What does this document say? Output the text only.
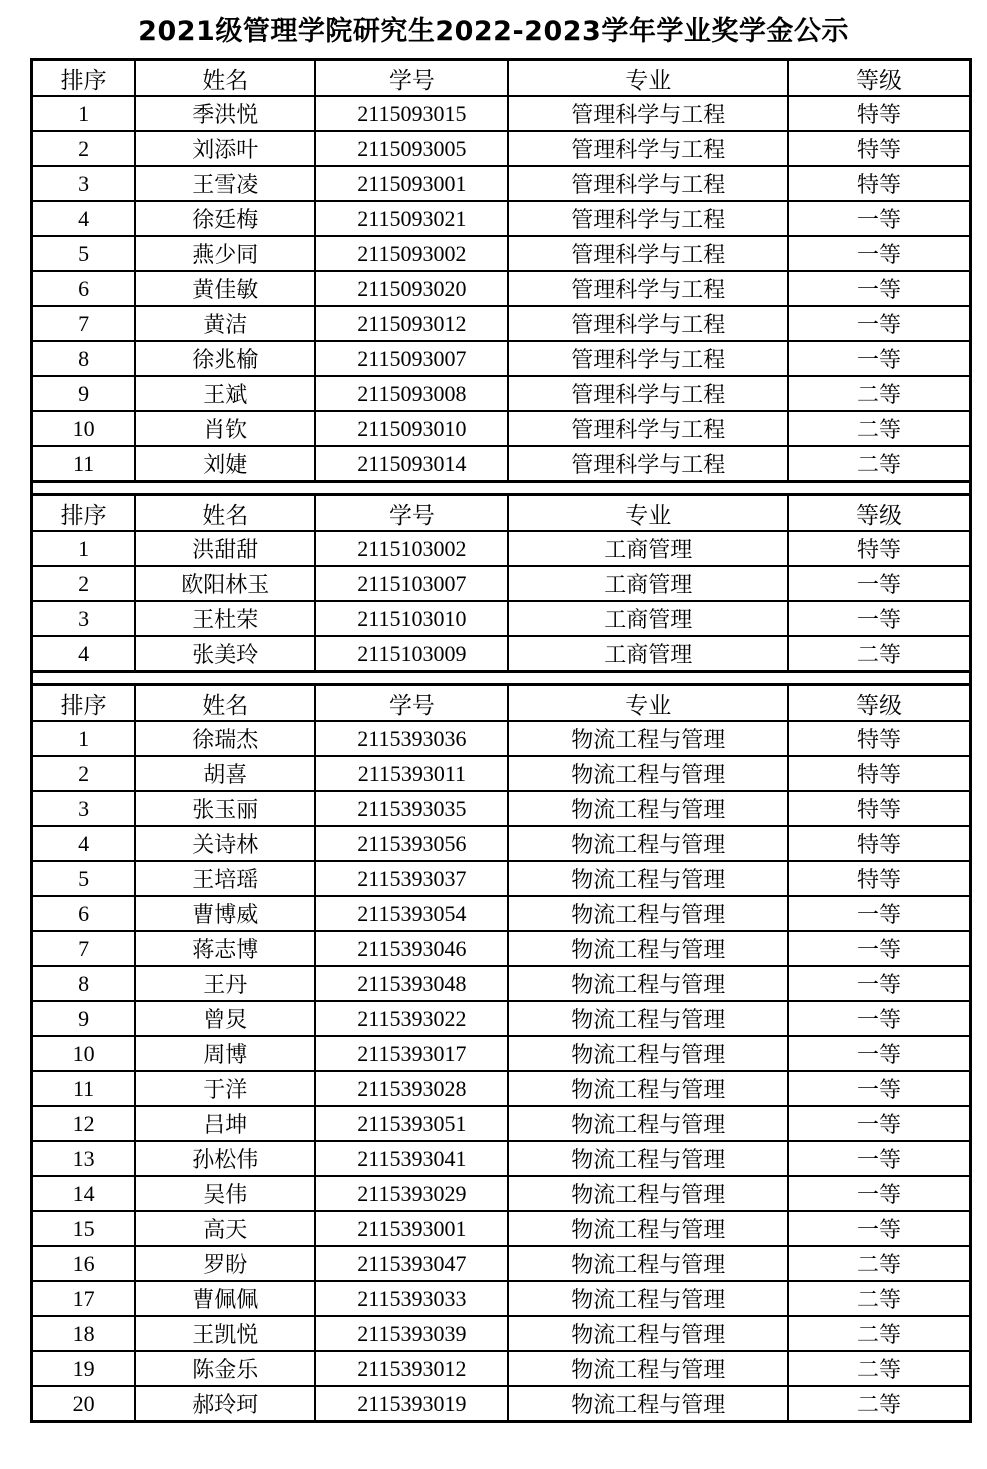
2021级管理学院研究生2022-2023学年学业奖学金公示
排序	姓名	学号	专业	等级
1	季洪悦	2115093015	管理科学与工程	特等
2	刘添叶	2115093005	管理科学与工程	特等
3	王雪凌	2115093001	管理科学与工程	特等
4	徐廷梅	2115093021	管理科学与工程	一等
5	燕少同	2115093002	管理科学与工程	一等
6	黄佳敏	2115093020	管理科学与工程	一等
7	黄洁	2115093012	管理科学与工程	一等
8	徐兆榆	2115093007	管理科学与工程	一等
9	王斌	2115093008	管理科学与工程	二等
10	肖钦	2115093010	管理科学与工程	二等
11	刘婕	2115093014	管理科学与工程	二等
排序	姓名	学号	专业	等级
1	洪甜甜	2115103002	工商管理	特等
2	欧阳林玉	2115103007	工商管理	一等
3	王杜荣	2115103010	工商管理	一等
4	张美玲	2115103009	工商管理	二等
排序	姓名	学号	专业	等级
1	徐瑞杰	2115393036	物流工程与管理	特等
2	胡喜	2115393011	物流工程与管理	特等
3	张玉丽	2115393035	物流工程与管理	特等
4	关诗林	2115393056	物流工程与管理	特等
5	王培瑶	2115393037	物流工程与管理	特等
6	曹博威	2115393054	物流工程与管理	一等
7	蒋志博	2115393046	物流工程与管理	一等
8	王丹	2115393048	物流工程与管理	一等
9	曾炅	2115393022	物流工程与管理	一等
10	周博	2115393017	物流工程与管理	一等
11	于洋	2115393028	物流工程与管理	一等
12	吕坤	2115393051	物流工程与管理	一等
13	孙松伟	2115393041	物流工程与管理	一等
14	吴伟	2115393029	物流工程与管理	一等
15	高天	2115393001	物流工程与管理	一等
16	罗盼	2115393047	物流工程与管理	二等
17	曹佩佩	2115393033	物流工程与管理	二等
18	王凯悦	2115393039	物流工程与管理	二等
19	陈金乐	2115393012	物流工程与管理	二等
20	郝玲珂	2115393019	物流工程与管理	二等
